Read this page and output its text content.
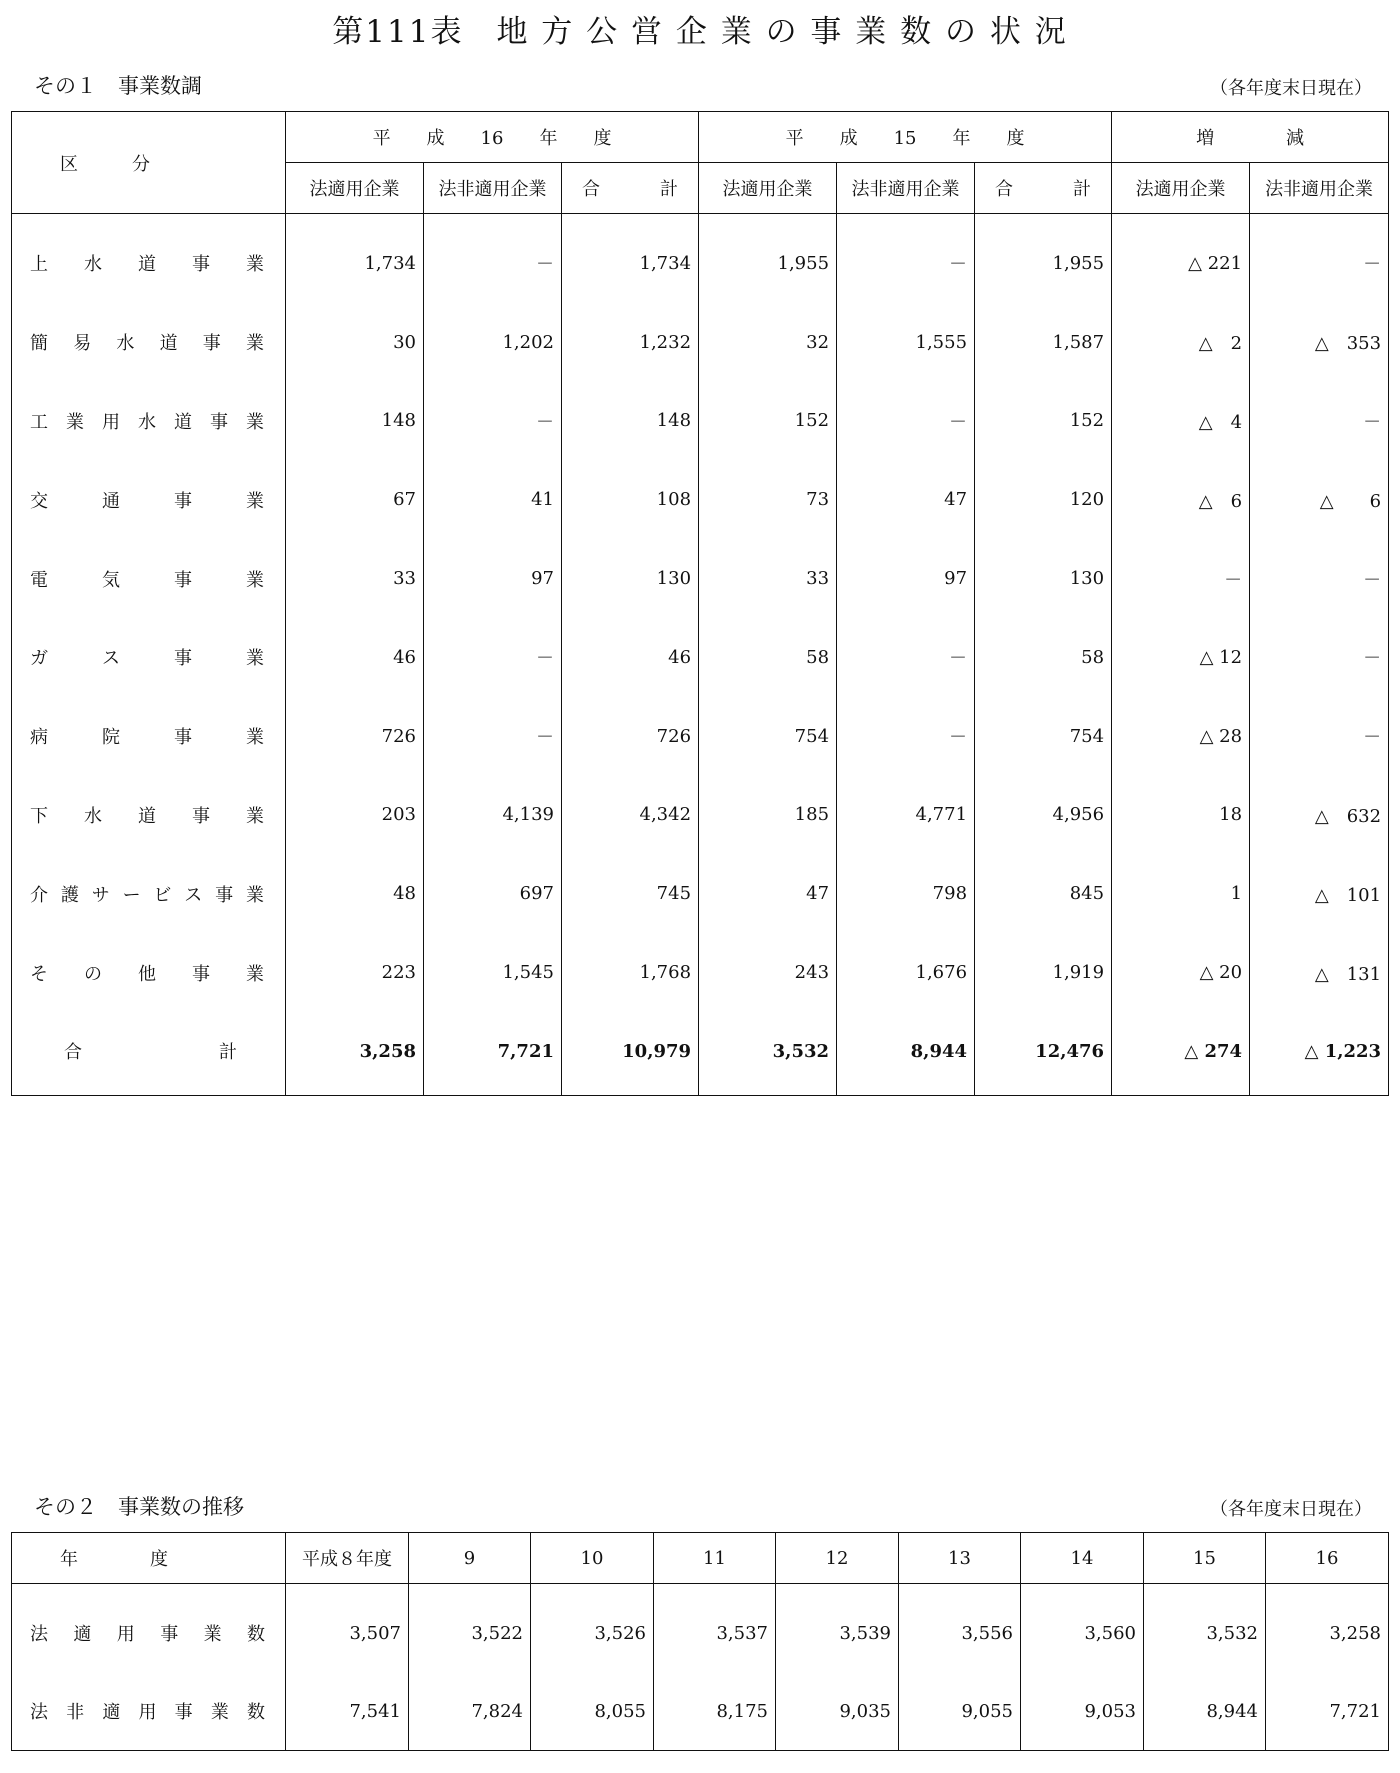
第111表　地 方 公 営 企 業 の 事 業 数 の 状 況
その１　事業数調	（各年度末日現在）
区　　　分	平　　成　　16　　年　　度			平　　成　　15　　年　　度			増　　　　減	
	法適用企業	法非適用企業	合計	法適用企業	法非適用企業	合計	法適用企業	法非適用企業
上水道事業	1,734	－	1,734	1,955	－	1,955	△ 221	－
簡易水道事業	30	1,202	1,232	32	1,555	1,587	△　2	△　353
工業用水道事業	148	－	148	152	－	152	△　4	－
交通事業	67	41	108	73	47	120	△　6	△　　6
電気事業	33	97	130	33	97	130	－	－
ガス事業	46	－	46	58	－	58	△ 12	－
病院事業	726	－	726	754	－	754	△ 28	－
下水道事業	203	4,139	4,342	185	4,771	4,956	18	△　632
介護サービス事業	48	697	745	47	798	845	1	△　101
その他事業	223	1,545	1,768	243	1,676	1,919	△ 20	△　131
合計	3,258	7,721	10,979	3,532	8,944	12,476	△ 274	△ 1,223
その２　事業数の推移	（各年度末日現在）
年　　　　度	平成８年度	9	10	11	12	13	14	15	16
法適用事業数	3,507	3,522	3,526	3,537	3,539	3,556	3,560	3,532	3,258
法非適用事業数	7,541	7,824	8,055	8,175	9,035	9,055	9,053	8,944	7,721
